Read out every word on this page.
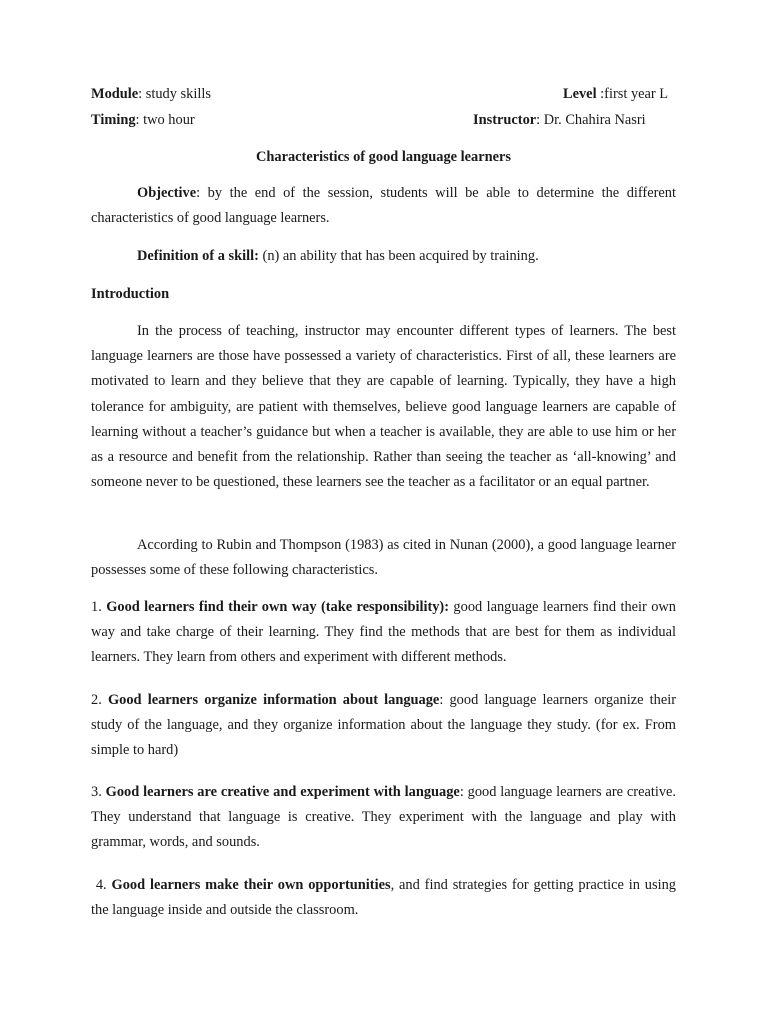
Module: study skills	Level :first year L
Timing: two hour	Instructor: Dr. Chahira Nasri
Characteristics of good language learners
Objective: by the end of the session, students will be able to determine the different characteristics of good language learners.
Definition of a skill: (n) an ability that has been acquired by training.
Introduction
In the process of teaching, instructor may encounter different types of learners. The best language learners are those have possessed a variety of characteristics. First of all, these learners are motivated to learn and they believe that they are capable of learning. Typically, they have a high tolerance for ambiguity, are patient with themselves, believe good language learners are capable of learning without a teacher’s guidance but when a teacher is available, they are able to use him or her as a resource and benefit from the relationship. Rather than seeing the teacher as ‘all-knowing’ and someone never to be questioned, these learners see the teacher as a facilitator or an equal partner.
According to Rubin and Thompson (1983) as cited in Nunan (2000), a good language learner possesses some of these following characteristics.
1. Good learners find their own way (take responsibility): good language learners find their own way and take charge of their learning. They find the methods that are best for them as individual learners. They learn from others and experiment with different methods.
2. Good learners organize information about language: good language learners organize their study of the language, and they organize information about the language they study. (for ex. From simple to hard)
3. Good learners are creative and experiment with language: good language learners are creative. They understand that language is creative. They experiment with the language and play with grammar, words, and sounds.
4. Good learners make their own opportunities, and find strategies for getting practice in using the language inside and outside the classroom.
